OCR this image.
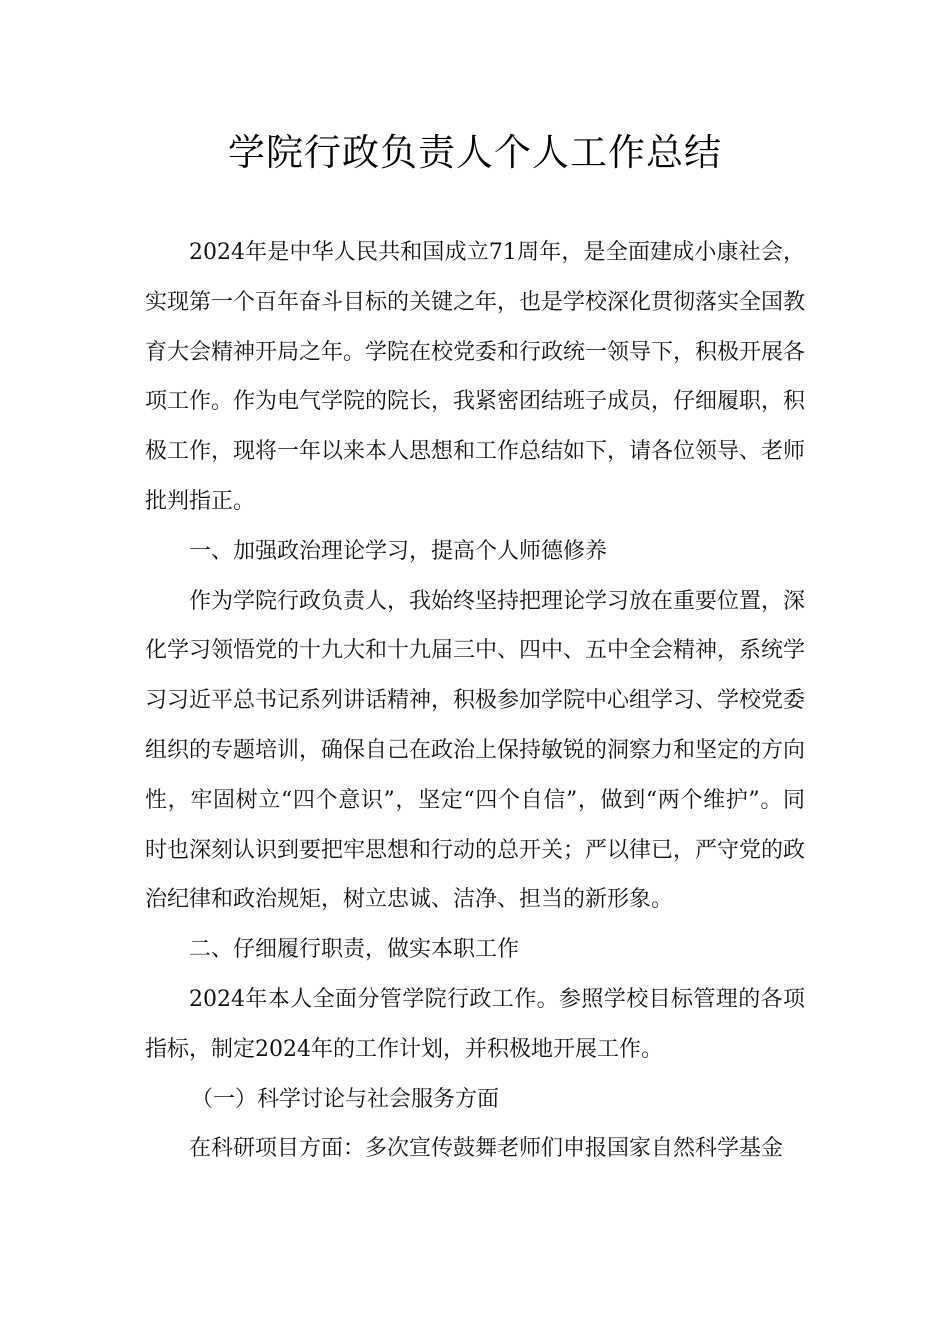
学院行政负责人个人工作总结

2024年是中华人民共和国成立71周年，是全面建成小康社会，实现第一个百年奋斗目标的关键之年，也是学校深化贯彻落实全国教育大会精神开局之年。学院在校党委和行政统一领导下，积极开展各项工作。作为电气学院的院长，我紧密团结班子成员，仔细履职，积极工作，现将一年以来本人思想和工作总结如下，请各位领导、老师批判指正。

一、加强政治理论学习，提高个人师德修养

作为学院行政负责人，我始终坚持把理论学习放在重要位置，深化学习领悟党的十九大和十九届三中、四中、五中全会精神，系统学习习近平总书记系列讲话精神，积极参加学院中心组学习、学校党委组织的专题培训，确保自己在政治上保持敏锐的洞察力和坚定的方向性，牢固树立“四个意识”，坚定“四个自信”，做到“两个维护”。同时也深刻认识到要把牢思想和行动的总开关；严以律已，严守党的政治纪律和政治规矩，树立忠诚、洁净、担当的新形象。

二、仔细履行职责，做实本职工作

2024年本人全面分管学院行政工作。参照学校目标管理的各项指标，制定2024年的工作计划，并积极地开展工作。

（一）科学讨论与社会服务方面

在科研项目方面：多次宣传鼓舞老师们申报国家自然科学基金
